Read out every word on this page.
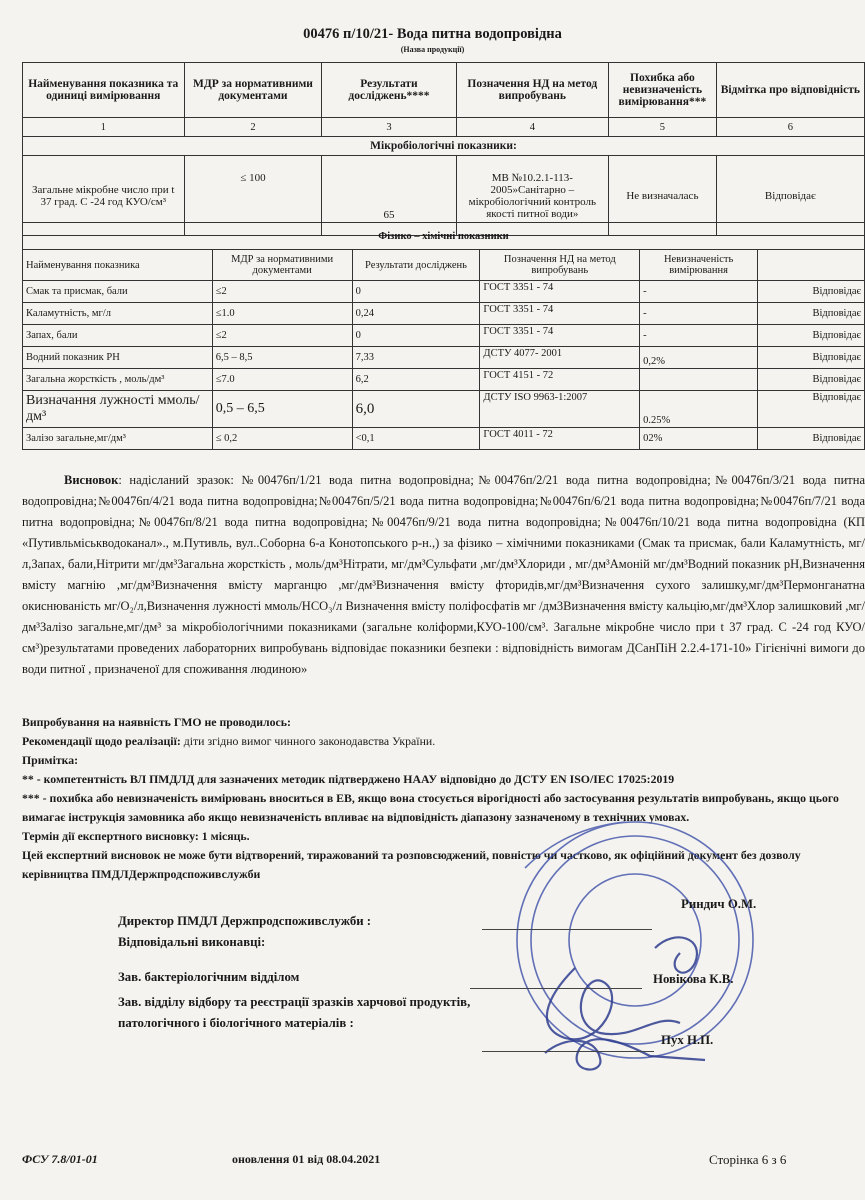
00476 п/10/21- Вода питна водопровідна
(Назва продукції)
Найменування показника та одиниці вимірювання	МДР за нормативними документами	Результати досліджень****	Позначення НД на метод випробувань	Похибка або невизначеність вимірювання***	Відмітка про відповідність
1	2	3	4	5	6
Мікробіологічні показники:					
Загальне мікробне число при t 37 град. С -24 год КУО/см³	≤ 100	65	МВ №10.2.1-113-2005»Санітарно – мікробіологічний контроль якості питної води»	Не визначалась	Відповідає
Фізико – хімічні показники					
Найменування показника	МДР за нормативними документами	Результати досліджень	Позначення НД на метод випробувань	Невизначеність вимірювання	
Смак та присмак, бали	≤2	0	ГОСТ 3351 - 74	-	Відповідає
Каламутність, мг/л	≤1.0	0,24	ГОСТ 3351 - 74	-	Відповідає
Запах, бали	≤2	0	ГОСТ 3351 - 74	-	Відповідає
Водний показник PH	6,5 – 8,5	7,33	ДСТУ 4077- 2001	0,2%	Відповідає
Загальна жорсткість , моль/дм³	≤7.0	6,2	ГОСТ 4151 - 72		Відповідає
Визначання лужності ммоль/дм³	0,5 – 6,5	6,0	ДСТУ ISO 9963-1:2007	0.25%	Відповідає
Залізо загальне,мг/дм³	≤ 0,2	<0,1	ГОСТ 4011 - 72	02%	Відповідає
Висновок: надісланий зразок: №00476п/1/21 вода питна водопровідна;№00476п/2/21 вода питна водопровідна;№00476п/3/21 вода питна водопровідна;№00476п/4/21 вода питна водопровідна;№00476п/5/21 вода питна водопровідна;№00476п/6/21 вода питна водопровідна;№00476п/7/21 вода питна водопровідна;№00476п/8/21 вода питна водопровідна;№00476п/9/21 вода питна водопровідна;№00476п/10/21 вода питна водопровідна (КП «Путивльміськводоканал»., м.Путивль, вул..Соборна 6-а Конотопського р-н.,) за фізико – хімічними показниками (Смак та присмак, бали Каламутність, мг/л,Запах, бали,Нітрити мг/дм³Загальна жорсткість , моль/дм³Нітрати, мг/дм³Сульфати ,мг/дм³Хлориди , мг/дм³Амоній мг/дм³Водний показник рН,Визначення вмісту магнію ,мг/дм³Визначення вмісту марганцю ,мг/дм³Визначення вмісту фторидів,мг/дм³Визначення сухого залишку,мг/дм³Пермонганатна окиснюваність мг/О₂/л,Визначення лужності ммоль/НСО₃/л Визначення вмісту поліфосфатів мг /дм3Визначення вмісту кальцію,мг/дм³Хлор залишковий ,мг/дм³Залізо загальне,мг/дм³ за мікробіологічними показниками (загальне коліформи,КУО-100/см³. Загальне мікробне число при t 37 град. С -24 год КУО/см³)результатами проведених лабораторних випробувань відповідає показники безпеки : відповідність вимогам ДСанПіН 2.2.4-171-10» Гігієнічні вимоги до води питної , призначеної для споживання людиною»
Випробування на наявність ГМО не проводилось:
Рекомендації щодо реалізації: діти згідно вимог чинного законодавства України.
Примітка:
** - компетентність ВЛ ПМДЛД для зазначених методик підтверджено НААУ відповідно до ДСТУ EN ISO/IEC 17025:2019
*** - похибка або невизначеність вимірювань вноситься в ЕВ, якщо вона стосується вірогідності або застосування результатів випробувань, якщо цього вимагає інструкція замовника або якщо невизначеність впливає на відповідність діапазону зазначеному в технічних умовах.
Термін дії експертного висновку: 1 місяць.
Цей експертний висновок не може бути відтворений, тиражований та розповсюджений, повністю чи частково, як офіційний документ без дозволу керівництва ПМДЛДержпродспоживслужби
Риндич О.М.
Директор ПМДЛ Держпродспоживслужби :
Відповідальні виконавці:
Зав. бактеріологічним відділом	Новікова К.В.
Зав. відділу відбору та реєстрації зразків харчової продуктів, патологічного і біологічного матеріалів :
Пух Н.П.
ФСУ 7.8/01-01	оновлення 01 від 08.04.2021	Сторінка 6 з 6
